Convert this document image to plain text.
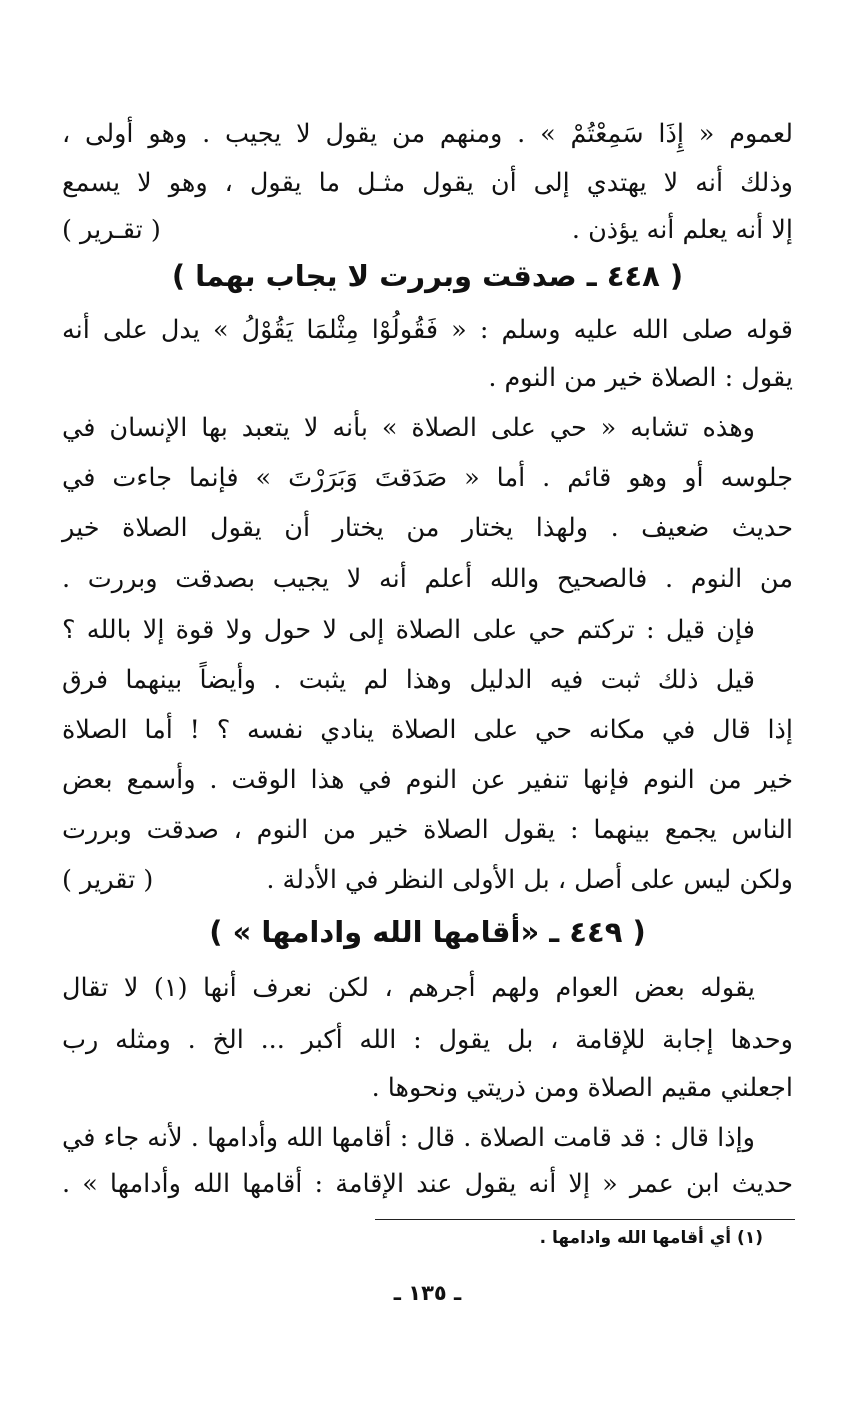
لعموم « إِذَا سَمِعْتُمْ » . ومنهم من يقول لا يجيب . وهو أولى ،
وذلك أنه لا يهتدي إلى أن يقول مثـل ما يقول ، وهو لا يسمع
إلا أنه يعلم أنه يؤذن .
( تقـرير )
( ٤٤٨ ـ صدقت وبررت لا يجاب بهما )
قوله صلى الله عليه وسلم : « فَقُولُوْا مِثْلمَا يَقُوْلُ » يدل على أنه
يقول : الصلاة خير من النوم .
وهذه تشابه « حي على الصلاة » بأنه لا يتعبد بها الإنسان في
جلوسه أو وهو قائم . أما « صَدَقتَ وَبَرَرْتَ » فإنما جاءت في
حديث ضعيف . ولهذا يختار من يختار أن يقول الصلاة خير
من النوم . فالصحيح والله أعلم أنه لا يجيب بصدقت وبررت .
فإن قيل : تركتم حي على الصلاة إلى لا حول ولا قوة إلا بالله ؟
قيل ذلك ثبت فيه الدليل وهذا لم يثبت . وأيضاً بينهما فرق
إذا قال في مكانه حي على الصلاة ينادي نفسه ؟ ! أما الصلاة
خير من النوم فإنها تنفير عن النوم في هذا الوقت . وأسمع بعض
الناس يجمع بينهما : يقول الصلاة خير من النوم ، صدقت وبررت
ولكن ليس على أصل ، بل الأولى النظر في الأدلة .
( تقرير )
( ٤٤٩ ـ «أقامها الله وادامها » )
يقوله بعض العوام ولهم أجرهم ، لكن نعرف أنها (١) لا تقال
وحدها إجابة للإقامة ، بل يقول : الله أكبر ... الخ . ومثله رب
اجعلني مقيم الصلاة ومن ذريتي ونحوها .
وإذا قال : قد قامت الصلاة . قال : أقامها الله وأدامها . لأنه جاء في
حديث ابن عمر « إلا أنه يقول عند الإقامة : أقامها الله وأدامها » .
(١) أي أقامها الله وادامها .
ـ ١٣٥ ـ
